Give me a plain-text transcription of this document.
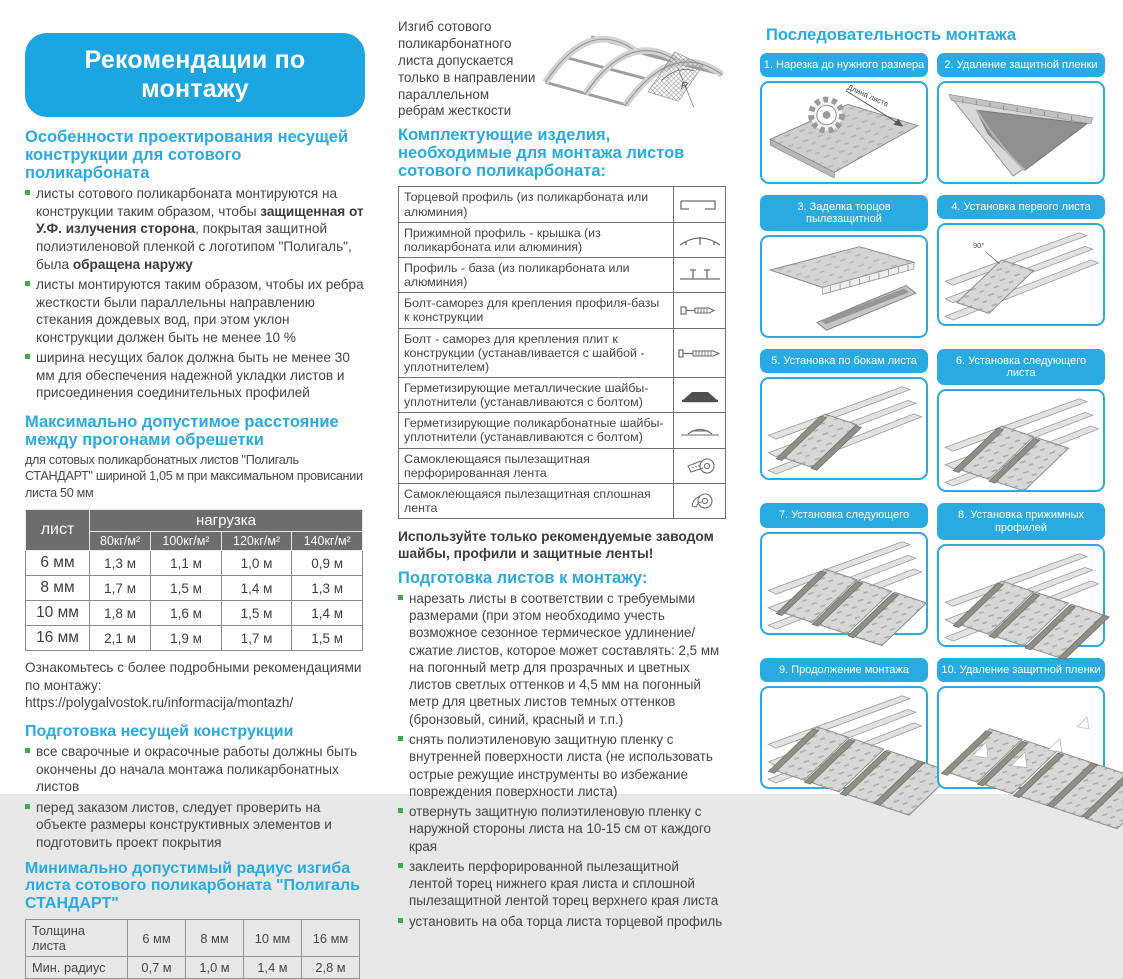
Рекомендации по монтажу
Особенности проектирования несущей конструкции для сотового поликарбоната
листы сотового поликарбоната монтируются на конструкции таким образом, чтобы защищенная от У.Ф. излучения сторона, покрытая защитной полиэтиленовой пленкой с логотипом "Полигаль", была обращена наружу
листы монтируются таким образом, чтобы их ребра жесткости были параллельны направлению стекания дождевых вод, при этом уклон конструкции должен быть не менее 10 %
ширина несущих балок должна быть не менее 30 мм для обеспечения надежной укладки листов и присоединения соединительных профилей
Максимально допустимое расстояние между прогонами обрешетки
для сотовых поликарбонатных листов "Полигаль СТАНДАРТ" шириной 1,05 м при максимальном провисании листа 50 мм
лист	нагрузка			
	80кг/м²	100кг/м²	120кг/м²	140кг/м²
6 мм	1,3 м	1,1 м	1,0 м	0,9 м
8 мм	1,7 м	1,5 м	1,4 м	1,3 м
10 мм	1,8 м	1,6 м	1,5 м	1,4 м
16 мм	2,1 м	1,9 м	1,7 м	1,5 м
Ознакомьтесь с более подробными рекомендациями по монтажу: https://polygalvostok.ru/informacija/montazh/
Подготовка несущей конструкции
все сварочные и окрасочные работы должны быть окончены до начала монтажа поликарбонатных листов
перед заказом листов, следует проверить на объекте размеры конструктивных элементов и подготовить проект покрытия
Минимально допустимый радиус изгиба листа сотового поликарбоната "Полигаль СТАНДАРТ"
Толщина листа	6 мм	8 мм	10 мм	16 мм
Мин. радиус	0,7 м	1,0 м	1,4 м	2,8 м
Изгиб сотового поликарбонатного листа допускается только в направлении параллельном ребрам жесткости
R
Комплектующие изделия, необходимые для монтажа листов сотового поликарбоната:
Торцевой профиль (из поликарбоната или алюминия)
Прижимной профиль - крышка (из поликарбоната или алюминия)
Профиль - база (из поликарбоната или алюминия)
Болт-саморез для крепления профиля-базы к конструкции
Болт - саморез для крепления плит к конструкции (устанавливается с шайбой - уплотнителем)
Герметизирующие металлические шайбы-уплотнители (устанавливаются с болтом)
Герметизирующие поликарбонатные шайбы-уплотнители (устанавливаются с болтом)
Самоклеющаяся пылезащитная перфорированная лента
Самоклеющаяся пылезащитная сплошная лента
Используйте только рекомендуемые заводом шайбы, профили и защитные ленты!
Подготовка листов к монтажу:
нарезать листы в соответствии с требуемыми размерами (при этом необходимо учесть возможное сезонное термическое удлинение/сжатие листов, которое может составлять: 2,5 мм на погонный метр для прозрачных и цветных листов светлых оттенков и 4,5 мм на погонный метр для цветных листов темных оттенков (бронзовый, синий, красный и т.п.)
снять полиэтиленовую защитную пленку с внутренней поверхности листа (не использовать острые режущие инструменты во избежание повреждения поверхности листа)
отвернуть защитную полиэтиленовую пленку с наружной стороны листа на 10-15 см от каждого края
заклеить перфорированной пылезащитной лентой торец нижнего края листа и сплошной пылезащитной лентой торец верхнего края листа
установить на оба торца листа торцевой профиль
Последовательность монтажа
1. Нарезка до нужного размера
Длина листа
2. Удаление защитной пленки
3. Заделка торцов пылезащитной
4. Установка первого листа
90°
5. Установка по бокам листа	6. Установка следующего листа
7. Установка следующего	8. Установка прижимных профилей
9. Продолжение монтажа	10. Удаление защитной пленки
